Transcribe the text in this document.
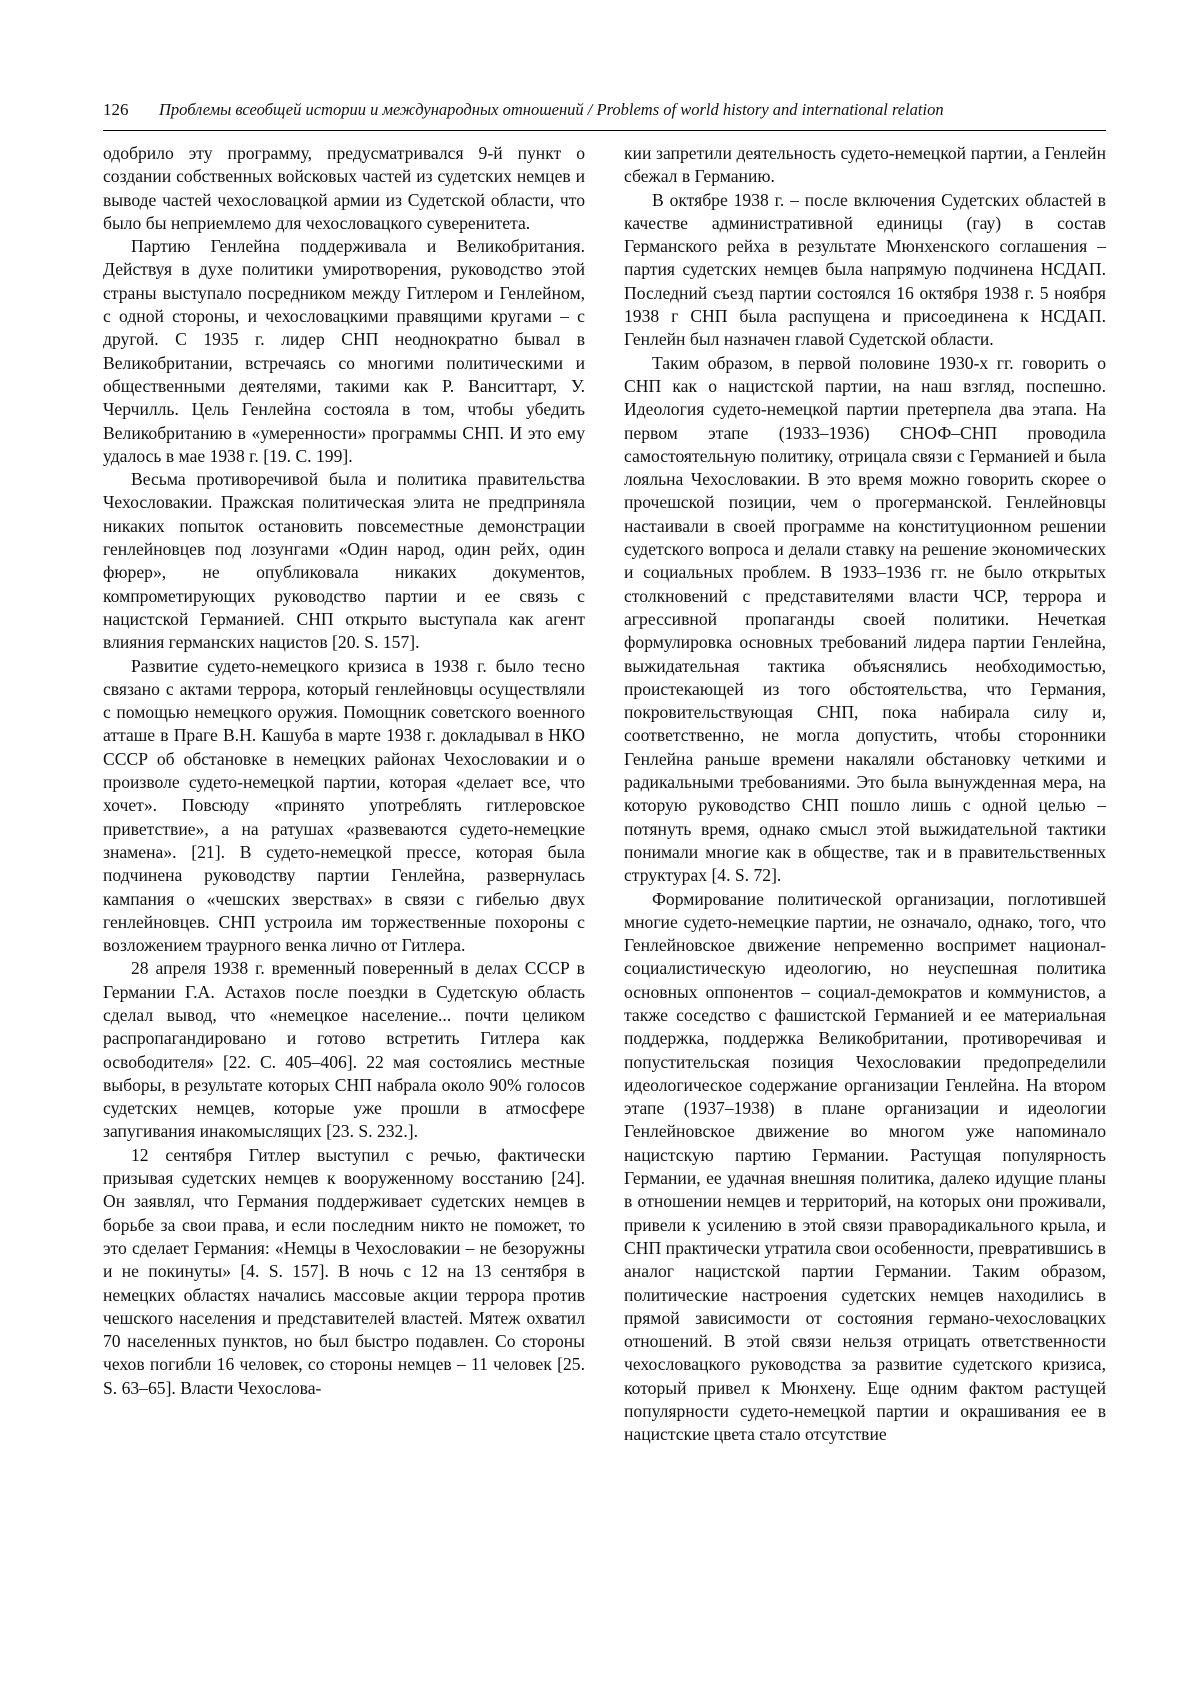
126 Проблемы всеобщей истории и международных отношений / Problems of world history and international relation

одобрило эту программу, предусматривался 9-й пункт о создании собственных войсковых частей из судетских немцев и выводе частей чехословацкой армии из Судетской области, что было бы неприемлемо для чехословацкого суверенитета.

Партию Генлейна поддерживала и Великобритания. Действуя в духе политики умиротворения, руководство этой страны выступало посредником между Гитлером и Генлейном, с одной стороны, и чехословацкими правящими кругами – с другой. С 1935 г. лидер СНП неоднократно бывал в Великобритании, встречаясь со многими политическими и общественными деятелями, такими как Р. Ванситтарт, У. Черчилль. Цель Генлейна состояла в том, чтобы убедить Великобританию в «умеренности» программы СНП. И это ему удалось в мае 1938 г. [19. С. 199].

Весьма противоречивой была и политика правительства Чехословакии. Пражская политическая элита не предприняла никаких попыток остановить повсеместные демонстрации генлейновцев под лозунгами «Один народ, один рейх, один фюрер», не опубликовала никаких документов, компрометирующих руководство партии и ее связь с нацистской Германией. СНП открыто выступала как агент влияния германских нацистов [20. S. 157].

Развитие судето-немецкого кризиса в 1938 г. было тесно связано с актами террора, который генлейновцы осуществляли с помощью немецкого оружия. Помощник советского военного атташе в Праге В.Н. Кашуба в марте 1938 г. докладывал в НКО СССР об обстановке в немецких районах Чехословакии и о произволе судето-немецкой партии, которая «делает все, что хочет». Повсюду «принято употреблять гитлеровское приветствие», а на ратушах «развеваются судето-немецкие знамена». [21]. В судето-немецкой прессе, которая была подчинена руководству партии Генлейна, развернулась кампания о «чешских зверствах» в связи с гибелью двух генлейновцев. СНП устроила им торжественные похороны с возложением траурного венка лично от Гитлера.

28 апреля 1938 г. временный поверенный в делах СССР в Германии Г.А. Астахов после поездки в Судетскую область сделал вывод, что «немецкое население... почти целиком распропагандировано и готово встретить Гитлера как освободителя» [22. С. 405–406]. 22 мая состоялись местные выборы, в результате которых СНП набрала около 90% голосов судетских немцев, которые уже прошли в атмосфере запугивания инакомыслящих [23. S. 232.].

12 сентября Гитлер выступил с речью, фактически призывая судетских немцев к вооруженному восстанию [24]. Он заявлял, что Германия поддерживает судетских немцев в борьбе за свои права, и если последним никто не поможет, то это сделает Германия: «Немцы в Чехословакии – не безоружны и не покинуты» [4. S. 157]. В ночь с 12 на 13 сентября в немецких областях начались массовые акции террора против чешского населения и представителей властей. Мятеж охватил 70 населенных пунктов, но был быстро подавлен. Со стороны чехов погибли 16 человек, со стороны немцев – 11 человек [25. S. 63–65]. Власти Чехослова-

кии запретили деятельность судето-немецкой партии, а Генлейн сбежал в Германию.

В октябре 1938 г. – после включения Судетских областей в качестве административной единицы (гау) в состав Германского рейха в результате Мюнхенского соглашения – партия судетских немцев была напрямую подчинена НСДАП. Последний съезд партии состоялся 16 октября 1938 г. 5 ноября 1938 г СНП была распущена и присоединена к НСДАП. Генлейн был назначен главой Судетской области.

Таким образом, в первой половине 1930-х гг. говорить о СНП как о нацистской партии, на наш взгляд, поспешно. Идеология судето-немецкой партии претерпела два этапа. На первом этапе (1933–1936) СНОФ–СНП проводила самостоятельную политику, отрицала связи с Германией и была лояльна Чехословакии. В это время можно говорить скорее о прочешской позиции, чем о прогерманской. Генлейновцы настаивали в своей программе на конституционном решении судетского вопроса и делали ставку на решение экономических и социальных проблем. В 1933–1936 гг. не было открытых столкновений с представителями власти ЧСР, террора и агрессивной пропаганды своей политики. Нечеткая формулировка основных требований лидера партии Генлейна, выжидательная тактика объяснялись необходимостью, проистекающей из того обстоятельства, что Германия, покровительствующая СНП, пока набирала силу и, соответственно, не могла допустить, чтобы сторонники Генлейна раньше времени накаляли обстановку четкими и радикальными требованиями. Это была вынужденная мера, на которую руководство СНП пошло лишь с одной целью – потянуть время, однако смысл этой выжидательной тактики понимали многие как в обществе, так и в правительственных структурах [4. S. 72].

Формирование политической организации, поглотившей многие судето-немецкие партии, не означало, однако, того, что Генлейновское движение непременно воспримет национал-социалистическую идеологию, но неуспешная политика основных оппонентов – социал-демократов и коммунистов, а также соседство с фашистской Германией и ее материальная поддержка, поддержка Великобритании, противоречивая и попустительская позиция Чехословакии предопределили идеологическое содержание организации Генлейна. На втором этапе (1937–1938) в плане организации и идеологии Генлейновское движение во многом уже напоминало нацистскую партию Германии. Растущая популярность Германии, ее удачная внешняя политика, далеко идущие планы в отношении немцев и территорий, на которых они проживали, привели к усилению в этой связи праворадикального крыла, и СНП практически утратила свои особенности, превратившись в аналог нацистской партии Германии. Таким образом, политические настроения судетских немцев находились в прямой зависимости от состояния германо-чехословацких отношений. В этой связи нельзя отрицать ответственности чехословацкого руководства за развитие судетского кризиса, который привел к Мюнхену. Еще одним фактом растущей популярности судето-немецкой партии и окрашивания ее в нацистские цвета стало отсутствие
